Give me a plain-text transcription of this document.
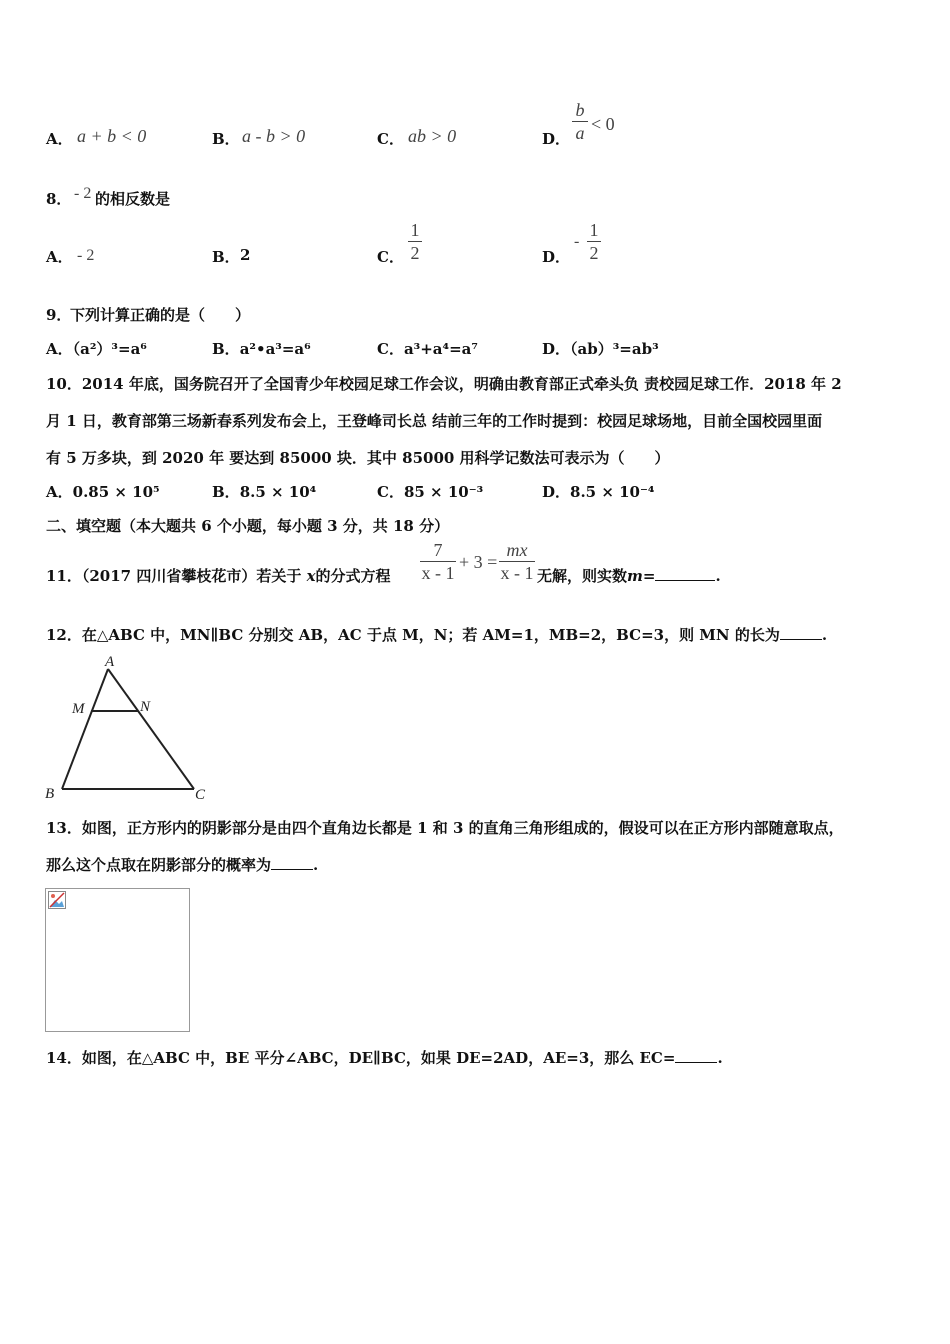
A． a + b < 0	B． a - b > 0	C． ab > 0	D．
b
a < 0
8． - 2 的相反数是
A． - 2	B． 2	C．
1
2	D．
-
1
2
9．
下列计算正确的是（　　）
A．（a²）³=a⁶	B．a²•a³=a⁶	C．a³+a⁴=a⁷	D．（ab）³=ab³
10．2014 年底，国务院召开了全国青少年校园足球工作会议，明确由教育部正式牵头负 责校园足球工作．2018 年 2
月 1 日，教育部第三场新春系列发布会上，王登峰司长总 结前三年的工作时提到：校园足球场地，目前全国校园里面
有 5 万多块，到 2020 年 要达到 85000 块．其中 85000 用科学记数法可表示为（　　）
A．0.85 × 10⁵	B．8.5 × 10⁴	C．85 × 10⁻³	D．8.5 × 10⁻⁴
二、填空题（本大题共 6 个小题，每小题 3 分，共 18 分）
11．（2017 四川省攀枝花市）若关于 x的分式方程
7
x - 1
+ 3 =
mx
x - 1 无解，则实数m=	.
12．在△ABC 中，MN∥BC 分别交 AB，AC 于点 M，N；若 AM=1，MB=2，BC=3，则 MN 的长为	.
A
M	N
B	C
13．如图，正方形内的阴影部分是由四个直角边长都是 1 和 3 的直角三角形组成的，假设可以在正方形内部随意取点，
那么这个点取在阴影部分的概率为	.
14．如图，在△ABC 中，BE 平分∠ABC，DE∥BC，如果 DE=2AD，AE=3，那么 EC=	.
